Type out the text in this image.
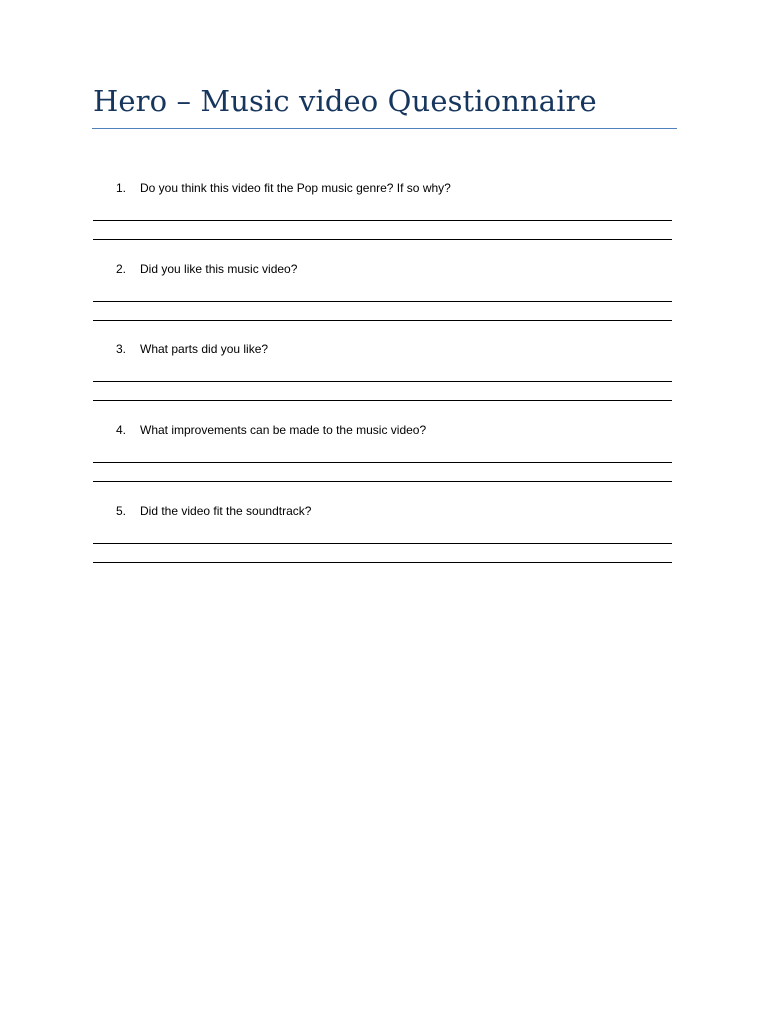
Hero – Music video Questionnaire
1. Do you think this video fit the Pop music genre? If so why?
2. Did you like this music video?
3. What parts did you like?
4. What improvements can be made to the music video?
5. Did the video fit the soundtrack?
